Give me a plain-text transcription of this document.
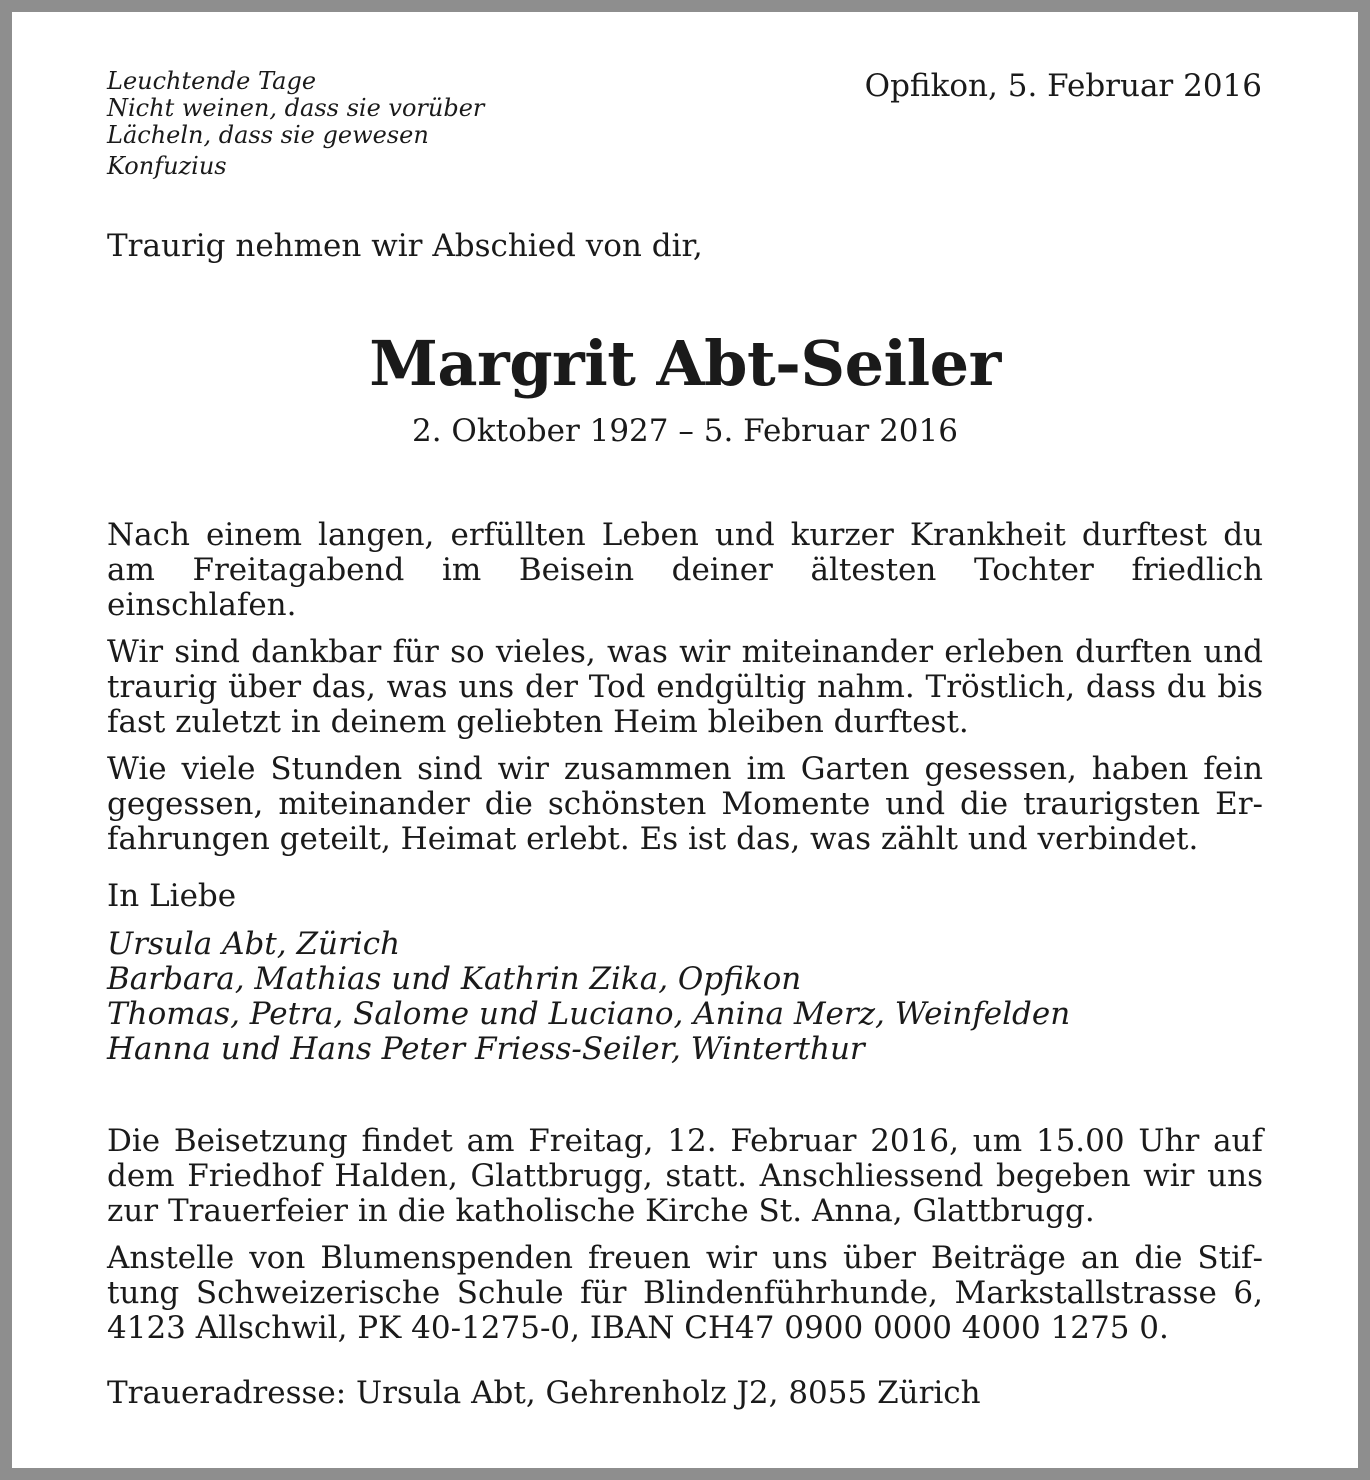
Leuchtende Tage
Nicht weinen, dass sie vorüber
Lächeln, dass sie gewesen
Konfuzius
Opfikon, 5. Februar 2016
Traurig nehmen wir Abschied von dir,
Margrit Abt-Seiler
2. Oktober 1927 – 5. Februar 2016

Nach einem langen, erfüllten Leben und kurzer Krankheit durftest du am Freitagabend im Beisein deiner ältesten Tochter friedlich einschlafen.

Wir sind dankbar für so vieles, was wir miteinander erleben durften und traurig über das, was uns der Tod endgültig nahm. Tröstlich, dass du bis fast zuletzt in deinem geliebten Heim bleiben durftest.

Wie viele Stunden sind wir zusammen im Garten gesessen, haben fein gegessen, miteinander die schönsten Momente und die traurigsten Erfahrungen geteilt, Heimat erlebt. Es ist das, was zählt und verbindet.

In Liebe
Ursula Abt, Zürich
Barbara, Mathias und Kathrin Zika, Opfikon
Thomas, Petra, Salome und Luciano, Anina Merz, Weinfelden
Hanna und Hans Peter Friess-Seiler, Winterthur

Die Beisetzung findet am Freitag, 12. Februar 2016, um 15.00 Uhr auf dem Friedhof Halden, Glattbrugg, statt. Anschliessend begeben wir uns zur Trauerfeier in die katholische Kirche St. Anna, Glattbrugg.

Anstelle von Blumenspenden freuen wir uns über Beiträge an die Stiftung Schweizerische Schule für Blindenführhunde, Markstallstrasse 6, 4123 Allschwil, PK 40-1275-0, IBAN CH47 0900 0000 4000 1275 0.

Traueradresse: Ursula Abt, Gehrenholz J2, 8055 Zürich
